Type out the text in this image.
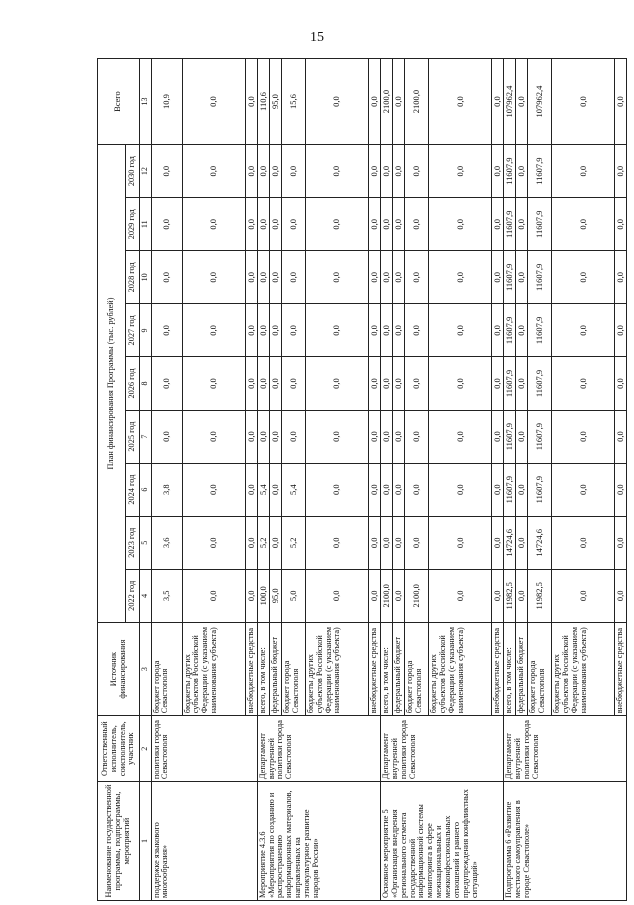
15
Наименование государственной программы, подпрограммы, мероприятий	Ответственный исполнитель, соисполнитель, участник	Источник финансирования	План финансирования Программы (тыс. рублей)									Всего
			2022 год	2023 год	2024 год	2025 год	2026 год	2027 год	2028 год	2029 год	2030 год	
1	2	3	4	5	6	7	8	9	10	11	12	13
поддержке языкового многообразия»	политики города Севастополя	бюджет города Севастополя	3,5	3,6	3,8	0,0	0,0	0,0	0,0	0,0	0,0	10,9
		бюджеты других субъектов Российской Федерации (с указанием наименования субъекта)	0,0	0,0	0,0	0,0	0,0	0,0	0,0	0,0	0,0	0,0
		внебюджетные средства	0,0	0,0	0,0	0,0	0,0	0,0	0,0	0,0	0,0	0,0
Мероприятие 4.3.6 «Мероприятия по созданию и распространению информационных материалов, направленных на этнокультурное развитие народов России»	Департамент внутренней политики города Севастополя	всего, в том числе:	100,0	5,2	5,4	0,0	0,0	0,0	0,0	0,0	0,0	110,6
		федеральный бюджет	95,0	0,0	0,0	0,0	0,0	0,0	0,0	0,0	0,0	95,0
		бюджет города Севастополя	5,0	5,2	5,4	0,0	0,0	0,0	0,0	0,0	0,0	15,6
		бюджеты других субъектов Российской Федерации (с указанием наименования субъекта)	0,0	0,0	0,0	0,0	0,0	0,0	0,0	0,0	0,0	0,0
		внебюджетные средства	0,0	0,0	0,0	0,0	0,0	0,0	0,0	0,0	0,0	0,0
Основное мероприятие 5 «Организация внедрения регионального сегмента государственной информационной системы мониторинга в сфере межнациональных и межконфессиональных отношений и раннего предупреждения конфликтных ситуаций»	Департамент внутренней политики города Севастополя	всего, в том числе:	2100,0	0,0	0,0	0,0	0,0	0,0	0,0	0,0	0,0	2100,0
		федеральный бюджет	0,0	0,0	0,0	0,0	0,0	0,0	0,0	0,0	0,0	0,0
		бюджет города Севастополя	2100,0	0,0	0,0	0,0	0,0	0,0	0,0	0,0	0,0	2100,0
		бюджеты других субъектов Российской Федерации (с указанием наименования субъекта)	0,0	0,0	0,0	0,0	0,0	0,0	0,0	0,0	0,0	0,0
		внебюджетные средства	0,0	0,0	0,0	0,0	0,0	0,0	0,0	0,0	0,0	0,0
Подпрограмма 6 «Развитие местного самоуправления в городе Севастополе»	Департамент внутренней политики города Севастополя	всего, в том числе:	11982,5	14724,6	11607,9	11607,9	11607,9	11607,9	11607,9	11607,9	11607,9	107962,4
		федеральный бюджет	0,0	0,0	0,0	0,0	0,0	0,0	0,0	0,0	0,0	0,0
		бюджет города Севастополя	11982,5	14724,6	11607,9	11607,9	11607,9	11607,9	11607,9	11607,9	11607,9	107962,4
		бюджеты других субъектов Российской Федерации (с указанием наименования субъекта)	0,0	0,0	0,0	0,0	0,0	0,0	0,0	0,0	0,0	0,0
		внебюджетные средства	0,0	0,0	0,0	0,0	0,0	0,0	0,0	0,0	0,0	0,0
